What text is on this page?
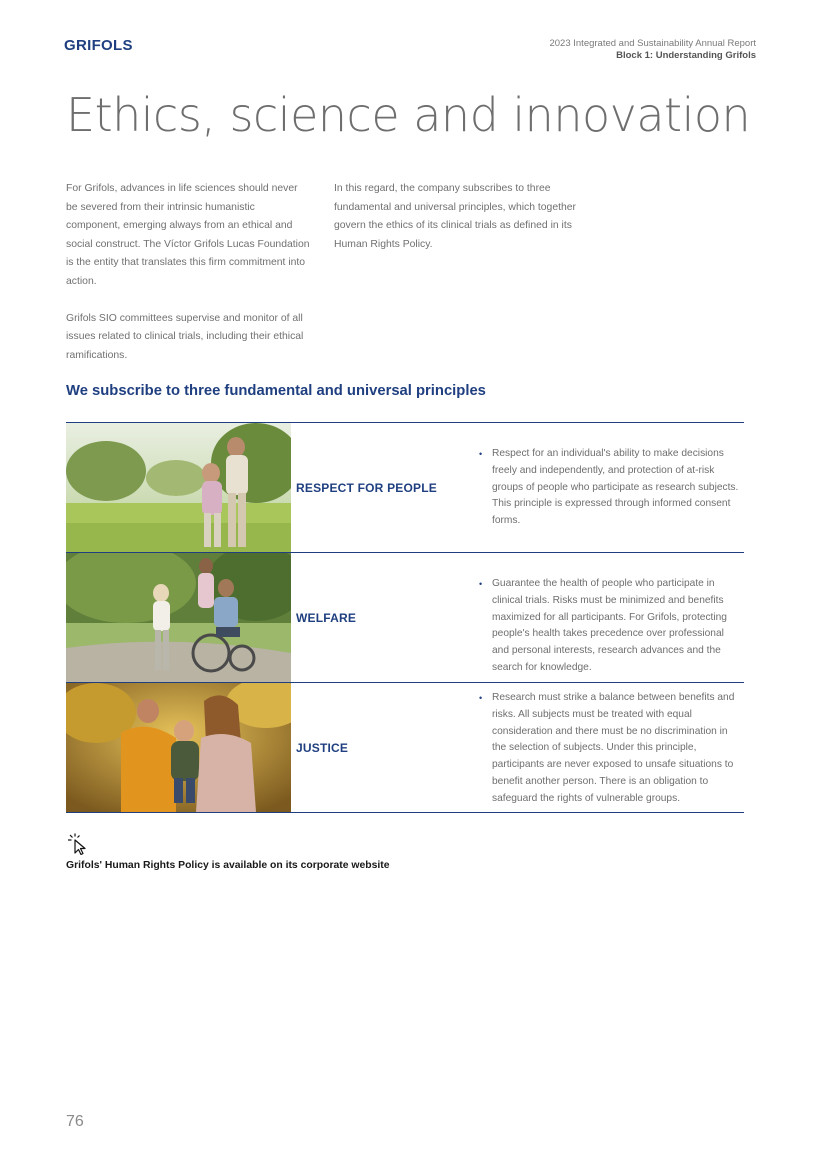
GRIFOLS	2023 Integrated and Sustainability Annual Report
Block 1: Understanding Grifols
Ethics, science and innovation

For Grifols, advances in life sciences should never be severed from their intrinsic humanistic component, emerging always from an ethical and social construct. The Víctor Grifols Lucas Foundation is the entity that translates this firm commitment into action.

Grifols SIO committees supervise and monitor of all issues related to clinical trials, including their ethical ramifications.

In this regard, the company subscribes to three fundamental and universal principles, which together govern the ethics of its clinical trials as defined in its Human Rights Policy.

We subscribe to three fundamental and universal principles
RESPECT FOR PEOPLE
• Respect for an individual's ability to make decisions freely and independently, and protection of at-risk groups of people who participate as research subjects. This principle is expressed through informed consent forms.
WELFARE
• Guarantee the health of people who participate in clinical trials. Risks must be minimized and benefits maximized for all participants. For Grifols, protecting people's health takes precedence over professional and personal interests, research advances and the search for knowledge.
JUSTICE
• Research must strike a balance between benefits and risks. All subjects must be treated with equal consideration and there must be no discrimination in the selection of subjects. Under this principle, participants are never exposed to unsafe situations to benefit another person. There is an obligation to safeguard the rights of vulnerable groups.
Grifols' Human Rights Policy is available on its corporate website
76
